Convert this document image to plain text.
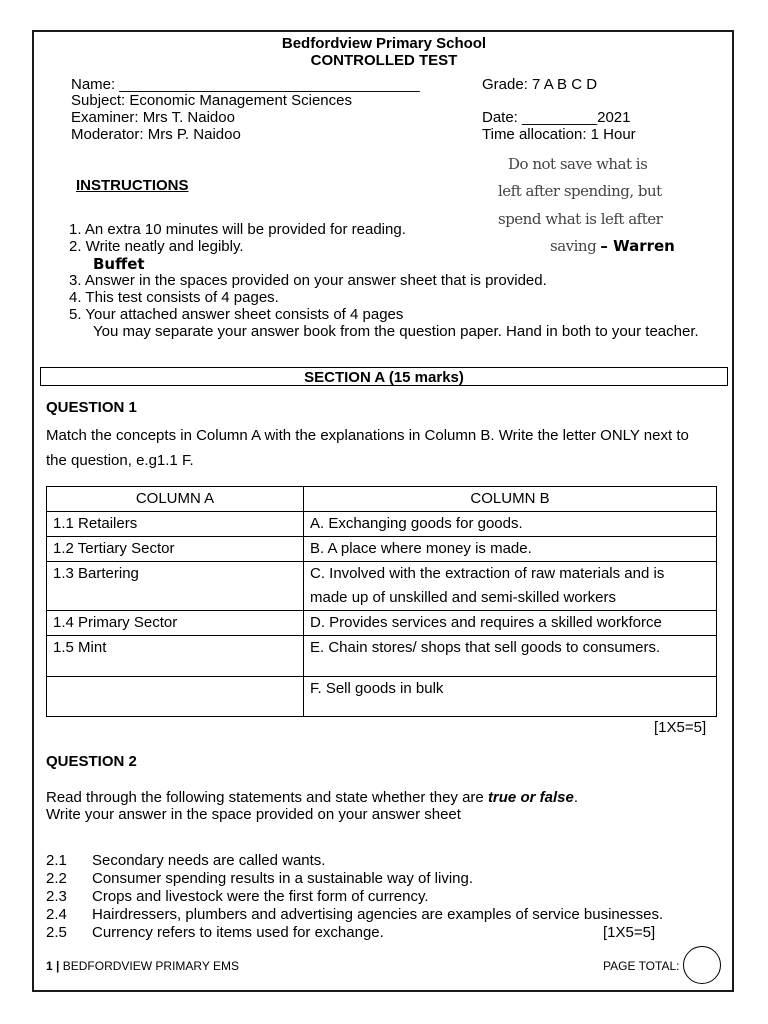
Bedfordview Primary School
CONTROLLED TEST
Name: ____________________________________	Grade: 7 A B C D
Subject: Economic Management Sciences
Examiner: Mrs T. Naidoo	Date: _________2021
Moderator: Mrs P. Naidoo	Time allocation: 1 Hour
Do not save what is
left after spending, but
spend what is left after
saving – Warren
Buffet
INSTRUCTIONS
1. An extra 10 minutes will be provided for reading.
2. Write neatly and legibly.
3. Answer in the spaces provided on your answer sheet that is provided.
4. This test consists of 4 pages.
5. Your attached answer sheet consists of 4 pages
You may separate your answer book from the question paper. Hand in both to your teacher.
SECTION A (15 marks)
QUESTION 1
Match the concepts in Column A with the explanations in Column B. Write the letter ONLY next to
the question, e.g1.1 F.
COLUMN A	COLUMN B
1.1 Retailers	A. Exchanging goods for goods.
1.2 Tertiary Sector	B. A place where money is made.
1.3 Bartering	C. Involved with the extraction of raw materials and is
made up of unskilled and semi-skilled workers

1.4 Primary Sector	D. Provides services and requires a skilled workforce
1.5 Mint	E. Chain stores/ shops that sell goods to consumers.
	F. Sell goods in bulk
[1X5=5]
QUESTION 2
Read through the following statements and state whether they are true or false.
Write your answer in the space provided on your answer sheet
2.1 Secondary needs are called wants.
2.2 Consumer spending results in a sustainable way of living.
2.3 Crops and livestock were the first form of currency.
2.4 Hairdressers, plumbers and advertising agencies are examples of service businesses.
2.5 Currency refers to items used for exchange.	[1X5=5]
1 | BEDFORDVIEW PRIMARY EMS	PAGE TOTAL:
